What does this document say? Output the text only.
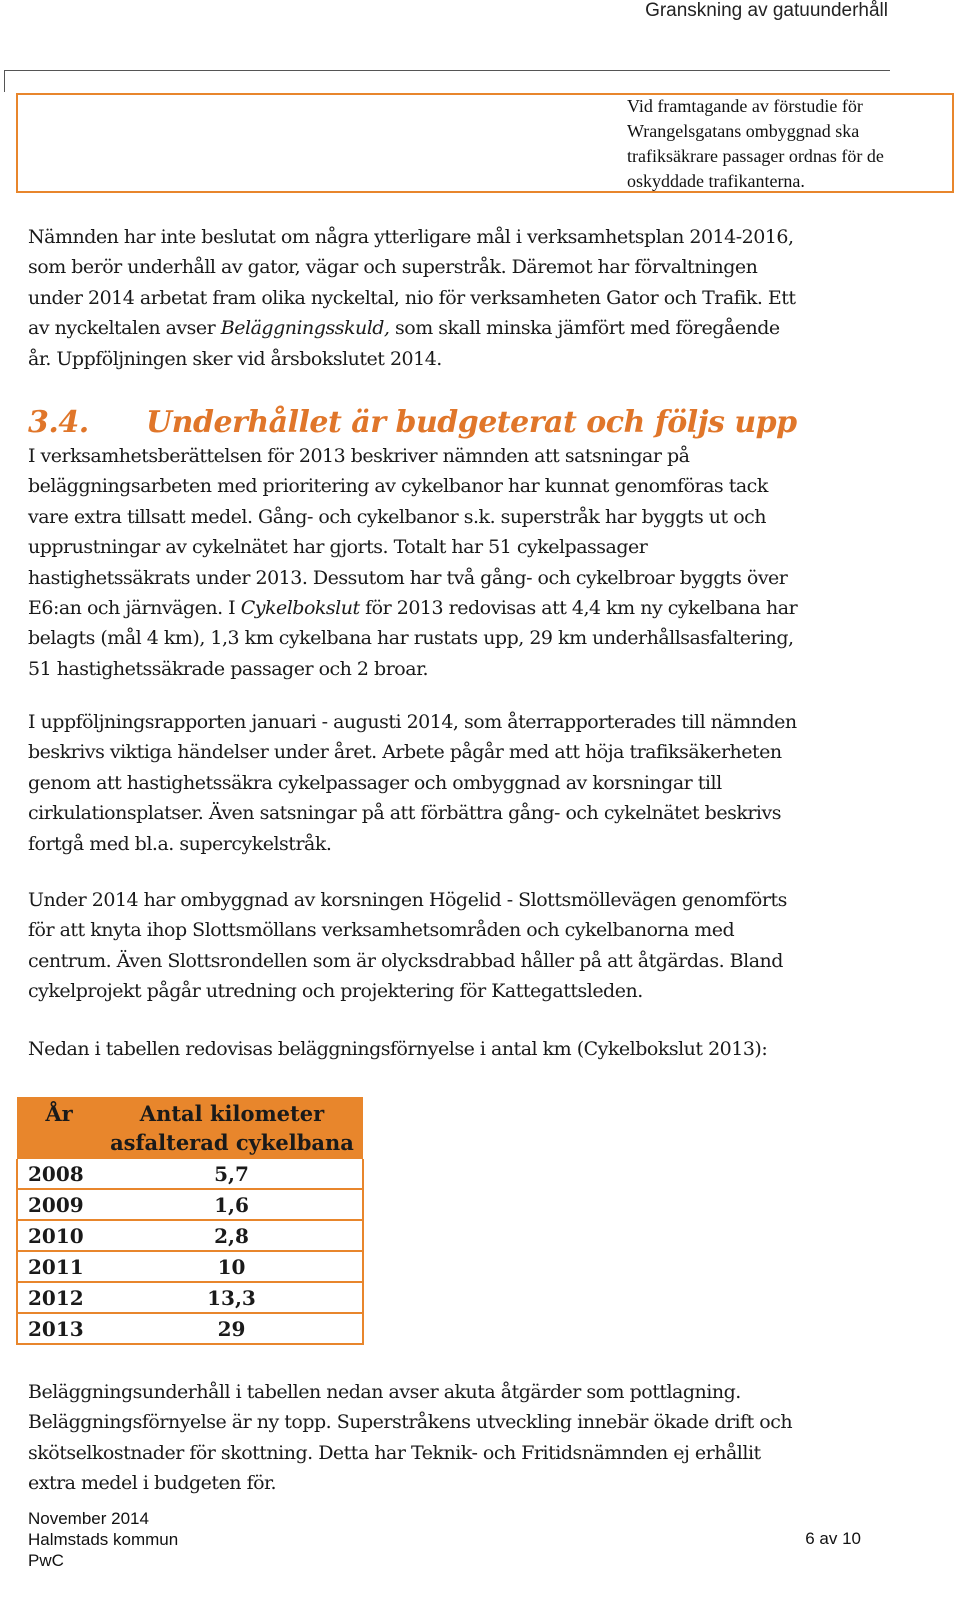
Granskning av gatuunderhåll
Vid framtagande av förstudie för
Wrangelsgatans ombyggnad ska
trafiksäkrare passager ordnas för de
oskyddade trafikanterna.
Nämnden har inte beslutat om några ytterligare mål i verksamhetsplan 2014-2016,
som berör underhåll av gator, vägar och superstråk. Däremot har förvaltningen
under 2014 arbetat fram olika nyckeltal, nio för verksamheten Gator och Trafik. Ett
av nyckeltalen avser Beläggningsskuld, som skall minska jämfört med föregående
år. Uppföljningen sker vid årsbokslutet 2014.
3.4. Underhållet är budgeterat och följs upp
I verksamhetsberättelsen för 2013 beskriver nämnden att satsningar på
beläggningsarbeten med prioritering av cykelbanor har kunnat genomföras tack
vare extra tillsatt medel. Gång- och cykelbanor s.k. superstråk har byggts ut och
upprustningar av cykelnätet har gjorts. Totalt har 51 cykelpassager
hastighetssäkrats under 2013. Dessutom har två gång- och cykelbroar byggts över
E6:an och järnvägen. I Cykelbokslut för 2013 redovisas att 4,4 km ny cykelbana har
belagts (mål 4 km), 1,3 km cykelbana har rustats upp, 29 km underhållsasfaltering,
51 hastighetssäkrade passager och 2 broar.
I uppföljningsrapporten januari - augusti 2014, som återrapporterades till nämnden
beskrivs viktiga händelser under året. Arbete pågår med att höja trafiksäkerheten
genom att hastighetssäkra cykelpassager och ombyggnad av korsningar till
cirkulationsplatser. Även satsningar på att förbättra gång- och cykelnätet beskrivs
fortgå med bl.a. supercykelstråk.
Under 2014 har ombyggnad av korsningen Högelid - Slottsmöllevägen genomförts
för att knyta ihop Slottsmöllans verksamhetsområden och cykelbanorna med
centrum. Även Slottsrondellen som är olycksdrabbad håller på att åtgärdas. Bland
cykelprojekt pågår utredning och projektering för Kattegattsleden.
Nedan i tabellen redovisas beläggningsförnyelse i antal km (Cykelbokslut 2013):
År	Antal kilometer asfalterad cykelbana
2008	5,7
2009	1,6
2010	2,8
2011	10
2012	13,3
2013	29
Beläggningsunderhåll i tabellen nedan avser akuta åtgärder som pottlagning.
Beläggningsförnyelse är ny topp. Superstråkens utveckling innebär ökade drift och
skötselkostnader för skottning. Detta har Teknik- och Fritidsnämnden ej erhållit
extra medel i budgeten för.
November 2014
Halmstads kommun
PwC
6 av 10
